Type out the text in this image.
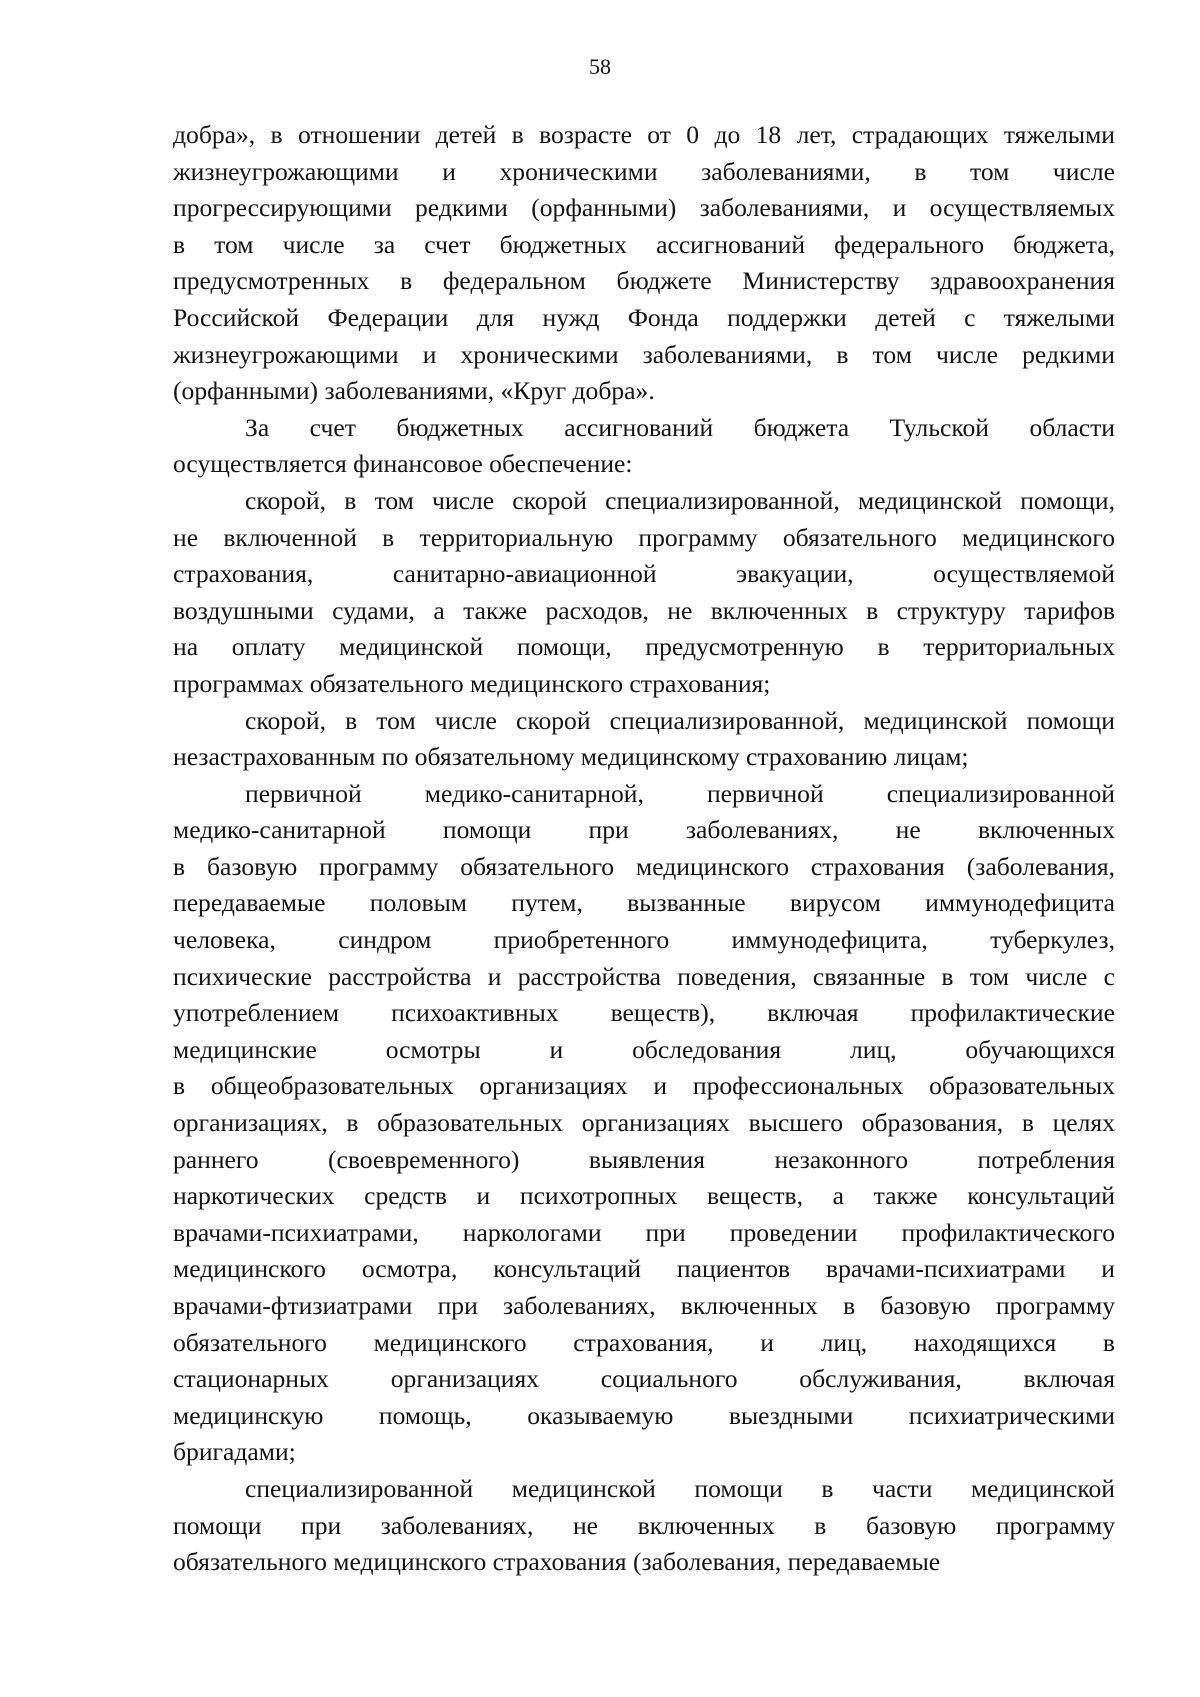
58
добра», в отношении детей в возрасте от 0 до 18 лет, страдающих тяжелыми
жизнеугрожающими и хроническими заболеваниями, в том числе
прогрессирующими редкими (орфанными) заболеваниями, и осуществляемых
в том числе за счет бюджетных ассигнований федерального бюджета,
предусмотренных в федеральном бюджете Министерству здравоохранения
Российской Федерации для нужд Фонда поддержки детей с тяжелыми
жизнеугрожающими и хроническими заболеваниями, в том числе редкими
(орфанными) заболеваниями, «Круг добра».
За счет бюджетных ассигнований бюджета Тульской области
осуществляется финансовое обеспечение:
скорой, в том числе скорой специализированной, медицинской помощи,
не включенной в территориальную программу обязательного медицинского
страхования, санитарно-авиационной эвакуации, осуществляемой
воздушными судами, а также расходов, не включенных в структуру тарифов
на оплату медицинской помощи, предусмотренную в территориальных
программах обязательного медицинского страхования;
скорой, в том числе скорой специализированной, медицинской помощи
незастрахованным по обязательному медицинскому страхованию лицам;
первичной медико-санитарной, первичной специализированной
медико-санитарной помощи при заболеваниях, не включенных
в базовую программу обязательного медицинского страхования (заболевания,
передаваемые половым путем, вызванные вирусом иммунодефицита
человека, синдром приобретенного иммунодефицита, туберкулез,
психические расстройства и расстройства поведения, связанные в том числе с
употреблением психоактивных веществ), включая профилактические
медицинские осмотры и обследования лиц, обучающихся
в общеобразовательных организациях и профессиональных образовательных
организациях, в образовательных организациях высшего образования, в целях
раннего (своевременного) выявления незаконного потребления
наркотических средств и психотропных веществ, а также консультаций
врачами-психиатрами, наркологами при проведении профилактического
медицинского осмотра, консультаций пациентов врачами-психиатрами и
врачами-фтизиатрами при заболеваниях, включенных в базовую программу
обязательного медицинского страхования, и лиц, находящихся в
стационарных организациях социального обслуживания, включая
медицинскую помощь, оказываемую выездными психиатрическими
бригадами;
специализированной медицинской помощи в части медицинской
помощи при заболеваниях, не включенных в базовую программу
обязательного медицинского страхования (заболевания, передаваемые
